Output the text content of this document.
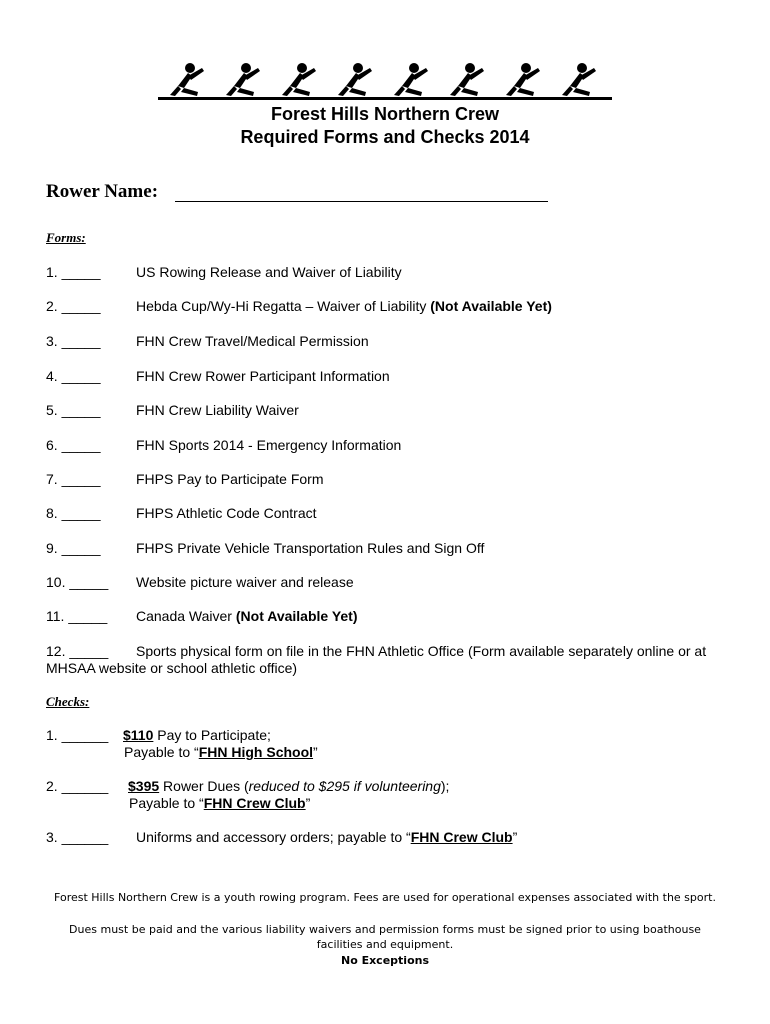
Forest Hills Northern Crew
Required Forms and Checks 2014
Rower Name:
Forms:
1. _____	US Rowing Release and Waiver of Liability
2. _____	Hebda Cup/Wy-Hi Regatta – Waiver of Liability (Not Available Yet)
3. _____	FHN Crew Travel/Medical Permission
4. _____	FHN Crew Rower Participant Information
5. _____	FHN Crew Liability Waiver
6. _____	FHN Sports 2014 - Emergency Information
7. _____	FHPS Pay to Participate Form
8. _____	FHPS Athletic Code Contract
9. _____	FHPS Private Vehicle Transportation Rules and Sign Off
10. _____ Website picture waiver and release
11. _____ Canada Waiver (Not Available Yet)
12. _____ Sports physical form on file in the FHN Athletic Office (Form available separately online or at
MHSAA website or school athletic office)
Checks:
1. ______ $110 Pay to Participate;
Payable to “FHN High School”
2. ______ $395 Rower Dues (reduced to $295 if volunteering);
Payable to “FHN Crew Club”
3. ______ Uniforms and accessory orders; payable to “FHN Crew Club”
Forest Hills Northern Crew is a youth rowing program. Fees are used for operational expenses associated with the sport.
Dues must be paid and the various liability waivers and permission forms must be signed prior to using boathouse
facilities and equipment.
No Exceptions
